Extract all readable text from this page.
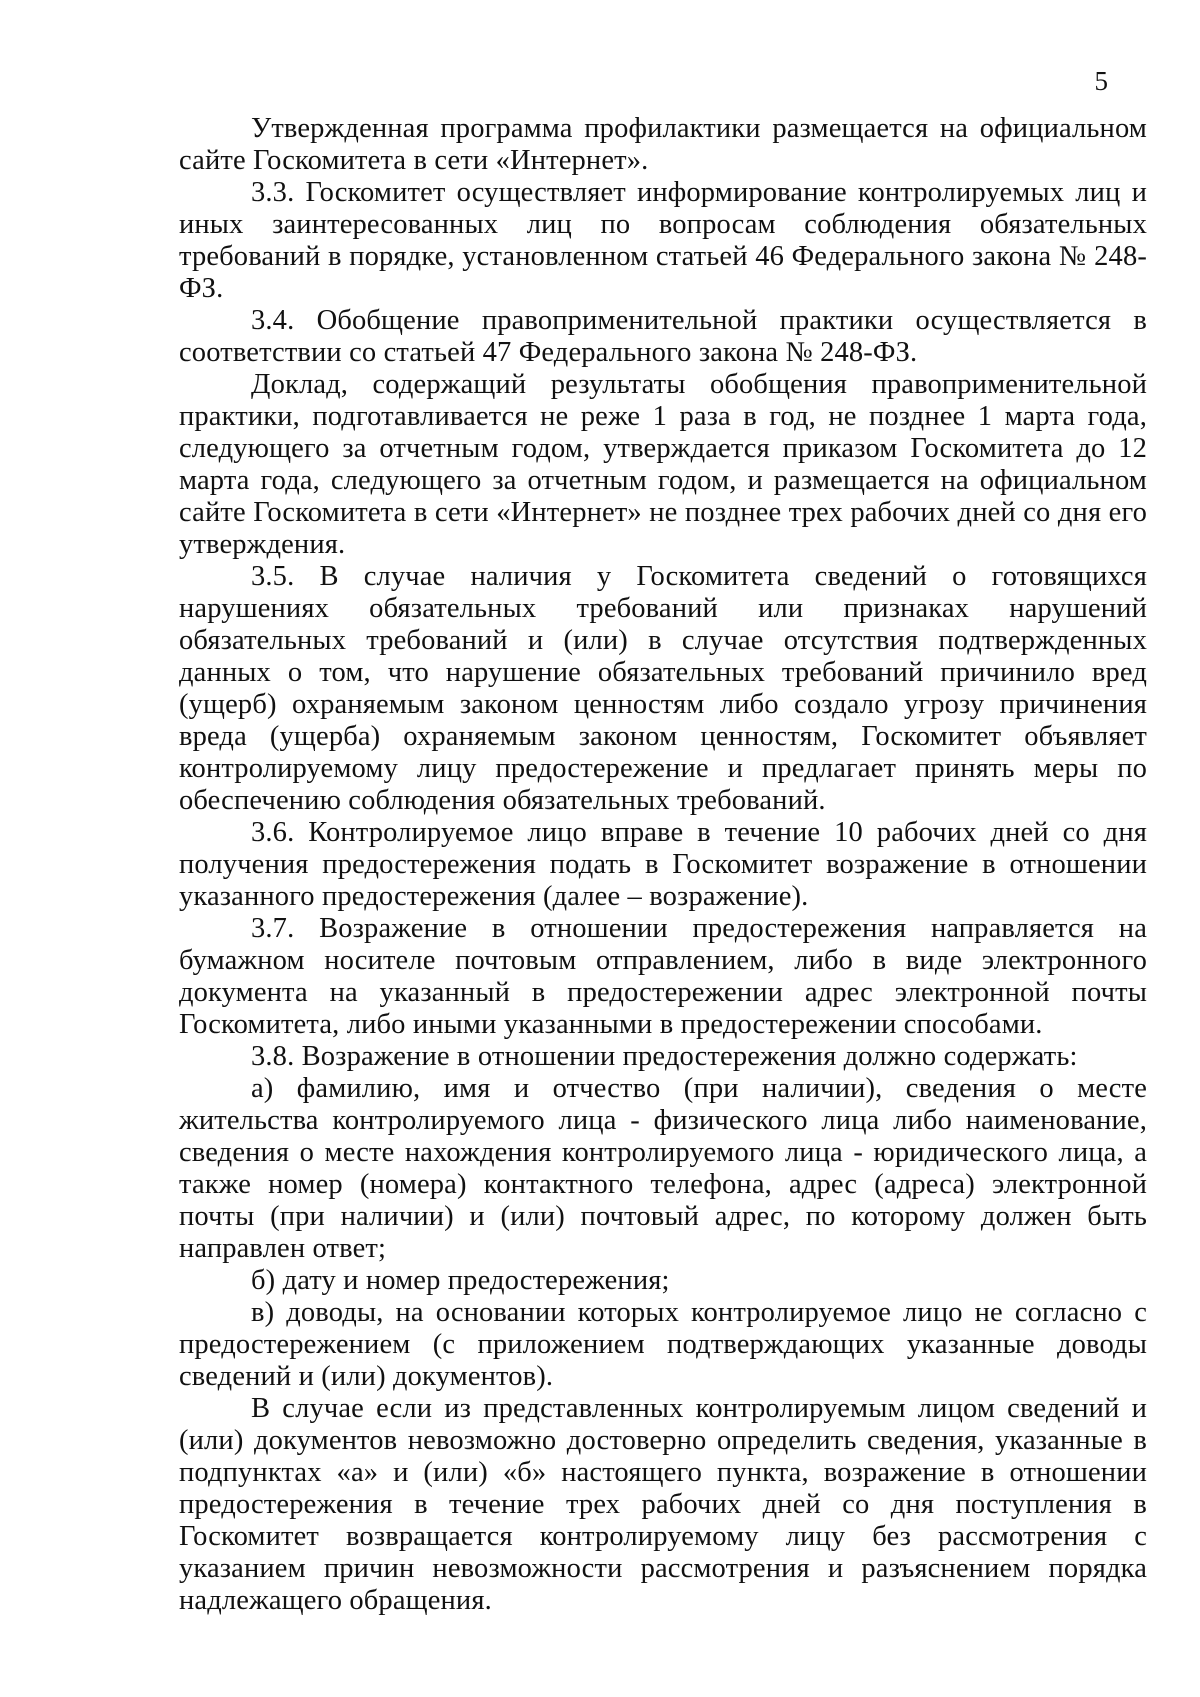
5

Утвержденная программа профилактики размещается на официальном сайте Госкомитета в сети «Интернет».

3.3. Госкомитет осуществляет информирование контролируемых лиц и иных заинтересованных лиц по вопросам соблюдения обязательных требований в порядке, установленном статьей 46 Федерального закона № 248-ФЗ.

3.4. Обобщение правоприменительной практики осуществляется в соответствии со статьей 47 Федерального закона № 248-ФЗ.

Доклад, содержащий результаты обобщения правоприменительной практики, подготавливается не реже 1 раза в год, не позднее 1 марта года, следующего за отчетным годом, утверждается приказом Госкомитета до 12 марта года, следующего за отчетным годом, и размещается на официальном сайте Госкомитета в сети «Интернет» не позднее трех рабочих дней со дня его утверждения.

3.5. В случае наличия у Госкомитета сведений о готовящихся нарушениях обязательных требований или признаках нарушений обязательных требований и (или) в случае отсутствия подтвержденных данных о том, что нарушение обязательных требований причинило вред (ущерб) охраняемым законом ценностям либо создало угрозу причинения вреда (ущерба) охраняемым законом ценностям, Госкомитет объявляет контролируемому лицу предостережение и предлагает принять меры по обеспечению соблюдения обязательных требований.

3.6. Контролируемое лицо вправе в течение 10 рабочих дней со дня получения предостережения подать в Госкомитет возражение в отношении указанного предостережения (далее – возражение).

3.7. Возражение в отношении предостережения направляется на бумажном носителе почтовым отправлением, либо в виде электронного документа на указанный в предостережении адрес электронной почты Госкомитета, либо иными указанными в предостережении способами.

3.8. Возражение в отношении предостережения должно содержать:

а) фамилию, имя и отчество (при наличии), сведения о месте жительства контролируемого лица - физического лица либо наименование, сведения о месте нахождения контролируемого лица - юридического лица, а также номер (номера) контактного телефона, адрес (адреса) электронной почты (при наличии) и (или) почтовый адрес, по которому должен быть направлен ответ;

б) дату и номер предостережения;

в) доводы, на основании которых контролируемое лицо не согласно с предостережением (с приложением подтверждающих указанные доводы сведений и (или) документов).

В случае если из представленных контролируемым лицом сведений и (или) документов невозможно достоверно определить сведения, указанные в подпунктах «а» и (или) «б» настоящего пункта, возражение в отношении предостережения в течение трех рабочих дней со дня поступления в Госкомитет возвращается контролируемому лицу без рассмотрения с указанием причин невозможности рассмотрения и разъяснением порядка надлежащего обращения.
